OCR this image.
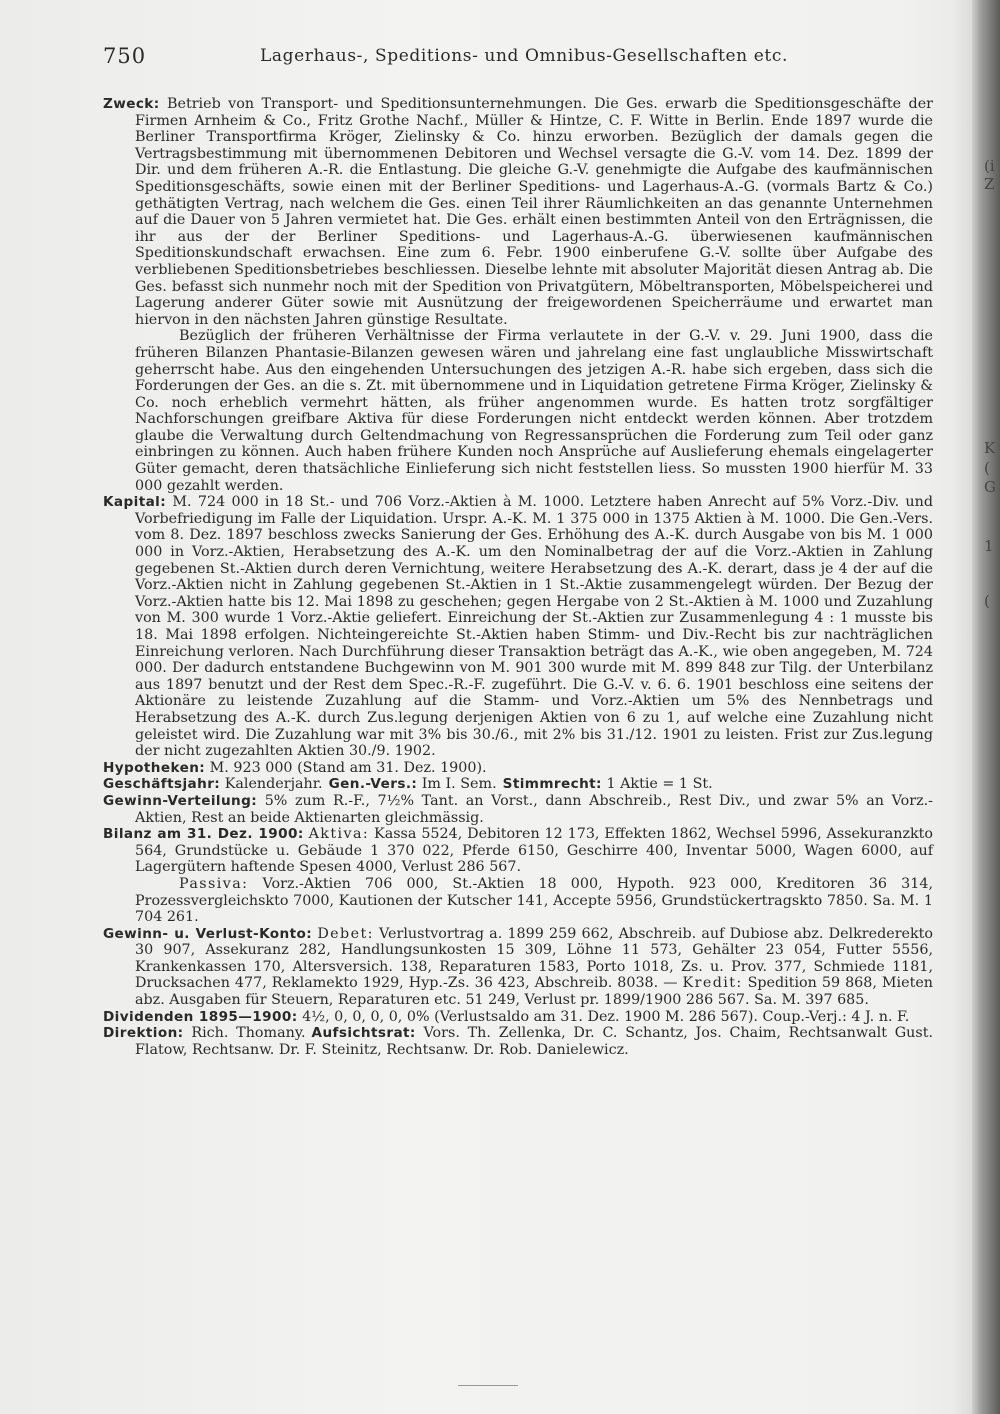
750	Lagerhaus-, Speditions- und Omnibus-Gesellschaften etc.

Zweck: Betrieb von Transport- und Speditionsunternehmungen. Die Ges. erwarb die Speditionsgeschäfte der Firmen Arnheim & Co., Fritz Grothe Nachf., Müller & Hintze, C. F. Witte in Berlin. Ende 1897 wurde die Berliner Transportfirma Kröger, Zielinsky & Co. hinzu erworben. Bezüglich der damals gegen die Vertragsbestimmung mit übernommenen Debitoren und Wechsel versagte die G.-V. vom 14. Dez. 1899 der Dir. und dem früheren A.-R. die Entlastung. Die gleiche G.-V. genehmigte die Aufgabe des kaufmännischen Speditionsgeschäfts, sowie einen mit der Berliner Speditions- und Lagerhaus-A.-G. (vormals Bartz & Co.) gethätigten Vertrag, nach welchem die Ges. einen Teil ihrer Räumlichkeiten an das genannte Unternehmen auf die Dauer von 5 Jahren vermietet hat. Die Ges. erhält einen bestimmten Anteil von den Erträgnissen, die ihr aus der der Berliner Speditions- und Lagerhaus-A.-G. überwiesenen kaufmännischen Speditionskundschaft erwachsen. Eine zum 6. Febr. 1900 einberufene G.-V. sollte über Aufgabe des verbliebenen Speditionsbetriebes beschliessen. Dieselbe lehnte mit absoluter Majorität diesen Antrag ab. Die Ges. befasst sich nunmehr noch mit der Spedition von Privatgütern, Möbeltransporten, Möbelspeicherei und Lagerung anderer Güter sowie mit Ausnützung der freigewordenen Speicherräume und erwartet man hiervon in den nächsten Jahren günstige Resultate.

Bezüglich der früheren Verhältnisse der Firma verlautete in der G.-V. v. 29. Juni 1900, dass die früheren Bilanzen Phantasie-Bilanzen gewesen wären und jahrelang eine fast unglaubliche Misswirtschaft geherrscht habe. Aus den eingehenden Untersuchungen des jetzigen A.-R. habe sich ergeben, dass sich die Forderungen der Ges. an die s. Zt. mit übernommene und in Liquidation getretene Firma Kröger, Zielinsky & Co. noch erheblich vermehrt hätten, als früher angenommen wurde. Es hatten trotz sorgfältiger Nachforschungen greifbare Aktiva für diese Forderungen nicht entdeckt werden können. Aber trotzdem glaube die Verwaltung durch Geltendmachung von Regressansprüchen die Forderung zum Teil oder ganz einbringen zu können. Auch haben frühere Kunden noch Ansprüche auf Auslieferung ehemals eingelagerter Güter gemacht, deren thatsächliche Einlieferung sich nicht feststellen liess. So mussten 1900 hierfür M. 33 000 gezahlt werden.

Kapital: M. 724 000 in 18 St.- und 706 Vorz.-Aktien à M. 1000. Letztere haben Anrecht auf 5% Vorz.-Div. und Vorbefriedigung im Falle der Liquidation. Urspr. A.-K. M. 1 375 000 in 1375 Aktien à M. 1000. Die Gen.-Vers. vom 8. Dez. 1897 beschloss zwecks Sanierung der Ges. Erhöhung des A.-K. durch Ausgabe von bis M. 1 000 000 in Vorz.-Aktien, Herabsetzung des A.-K. um den Nominalbetrag der auf die Vorz.-Aktien in Zahlung gegebenen St.-Aktien durch deren Vernichtung, weitere Herabsetzung des A.-K. derart, dass je 4 der auf die Vorz.-Aktien nicht in Zahlung gegebenen St.-Aktien in 1 St.-Aktie zusammengelegt würden. Der Bezug der Vorz.-Aktien hatte bis 12. Mai 1898 zu geschehen; gegen Hergabe von 2 St.-Aktien à M. 1000 und Zuzahlung von M. 300 wurde 1 Vorz.-Aktie geliefert. Einreichung der St.-Aktien zur Zusammenlegung 4 : 1 musste bis 18. Mai 1898 erfolgen. Nichteingereichte St.-Aktien haben Stimm- und Div.-Recht bis zur nachträglichen Einreichung verloren. Nach Durchführung dieser Transaktion beträgt das A.-K., wie oben angegeben, M. 724 000. Der dadurch entstandene Buchgewinn von M. 901 300 wurde mit M. 899 848 zur Tilg. der Unterbilanz aus 1897 benutzt und der Rest dem Spec.-R.-F. zugeführt. Die G.-V. v. 6. 6. 1901 beschloss eine seitens der Aktionäre zu leistende Zuzahlung auf die Stamm- und Vorz.-Aktien um 5% des Nennbetrags und Herabsetzung des A.-K. durch Zus.legung derjenigen Aktien von 6 zu 1, auf welche eine Zuzahlung nicht geleistet wird. Die Zuzahlung war mit 3% bis 30./6., mit 2% bis 31./12. 1901 zu leisten. Frist zur Zus.legung der nicht zugezahlten Aktien 30./9. 1902.

Hypotheken: M. 923 000 (Stand am 31. Dez. 1900).

Geschäftsjahr: Kalenderjahr. Gen.-Vers.: Im I. Sem. Stimmrecht: 1 Aktie = 1 St.

Gewinn-Verteilung: 5% zum R.-F., 7½% Tant. an Vorst., dann Abschreib., Rest Div., und zwar 5% an Vorz.-Aktien, Rest an beide Aktienarten gleichmässig.

Bilanz am 31. Dez. 1900: Aktiva: Kassa 5524, Debitoren 12 173, Effekten 1862, Wechsel 5996, Assekuranzkto 564, Grundstücke u. Gebäude 1 370 022, Pferde 6150, Geschirre 400, Inventar 5000, Wagen 6000, auf Lagergütern haftende Spesen 4000, Verlust 286 567.

Passiva: Vorz.-Aktien 706 000, St.-Aktien 18 000, Hypoth. 923 000, Kreditoren 36 314, Prozessvergleichskto 7000, Kautionen der Kutscher 141, Accepte 5956, Grundstückertragskto 7850. Sa. M. 1 704 261.

Gewinn- u. Verlust-Konto: Debet: Verlustvortrag a. 1899 259 662, Abschreib. auf Dubiose abz. Delkrederekto 30 907, Assekuranz 282, Handlungsunkosten 15 309, Löhne 11 573, Gehälter 23 054, Futter 5556, Krankenkassen 170, Altersversich. 138, Reparaturen 1583, Porto 1018, Zs. u. Prov. 377, Schmiede 1181, Drucksachen 477, Reklamekto 1929, Hyp.-Zs. 36 423, Abschreib. 8038. — Kredit: Spedition 59 868, Mieten abz. Ausgaben für Steuern, Reparaturen etc. 51 249, Verlust pr. 1899/1900 286 567. Sa. M. 397 685.

Dividenden 1895—1900: 4½, 0, 0, 0, 0, 0% (Verlustsaldo am 31. Dez. 1900 M. 286 567). Coup.-Verj.: 4 J. n. F.

Direktion: Rich. Thomany. Aufsichtsrat: Vors. Th. Zellenka, Dr. C. Schantz, Jos. Chaim, Rechtsanwalt Gust. Flatow, Rechtsanw. Dr. F. Steinitz, Rechtsanw. Dr. Rob. Danielewicz.

(i
Z
K
(
G
1
(
